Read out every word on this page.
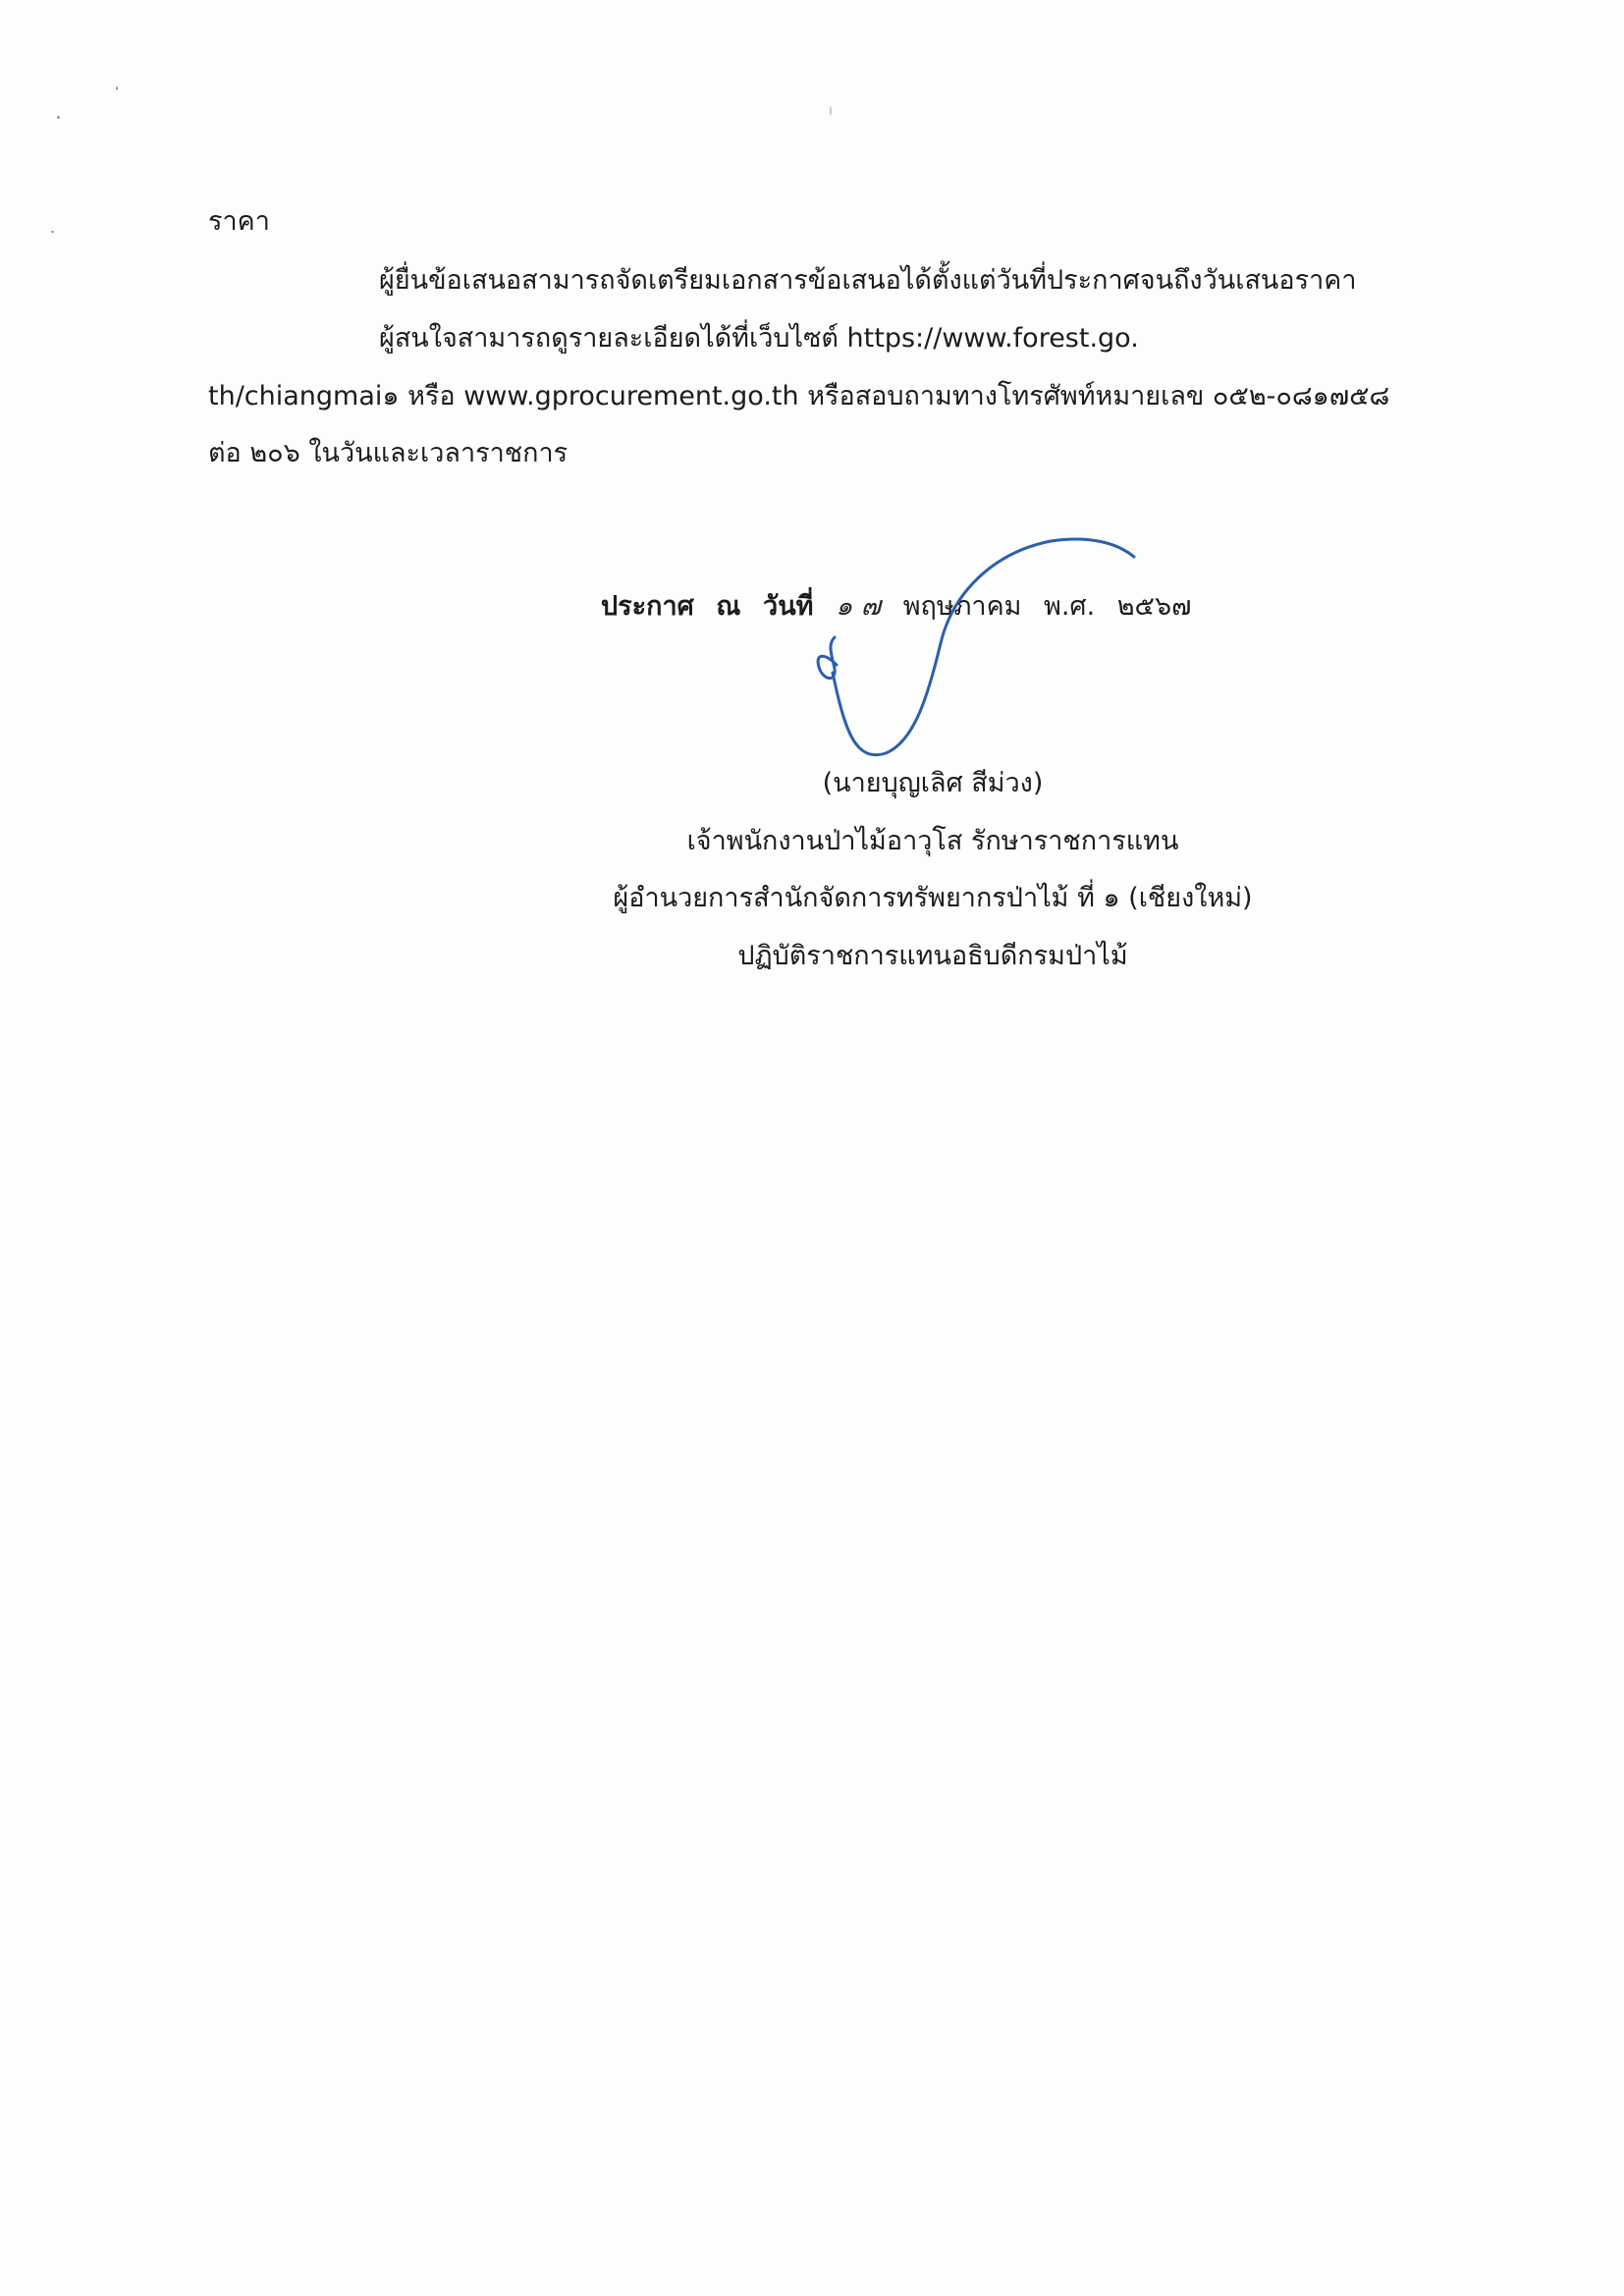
ราคา
ผู้ยื่นข้อเสนอสามารถจัดเตรียมเอกสารข้อเสนอได้ตั้งแต่วันที่ประกาศจนถึงวันเสนอราคา
ผู้สนใจสามารถดูรายละเอียดได้ที่เว็บไซต์ https://www.forest.go.
th/chiangmai๑ หรือ www.gprocurement.go.th หรือสอบถามทางโทรศัพท์หมายเลข ๐๕๒-๐๘๑๗๕๘
ต่อ ๒๐๖ ในวันและเวลาราชการ
ประกาศ ณ วันที่ ๑ ๗ พฤษภาคม พ.ศ. ๒๕๖๗
(นายบุญเลิศ สีม่วง)
เจ้าพนักงานป่าไม้อาวุโส รักษาราชการแทน
ผู้อำนวยการสำนักจัดการทรัพยากรป่าไม้ ที่ ๑ (เชียงใหม่)
ปฏิบัติราชการแทนอธิบดีกรมป่าไม้
